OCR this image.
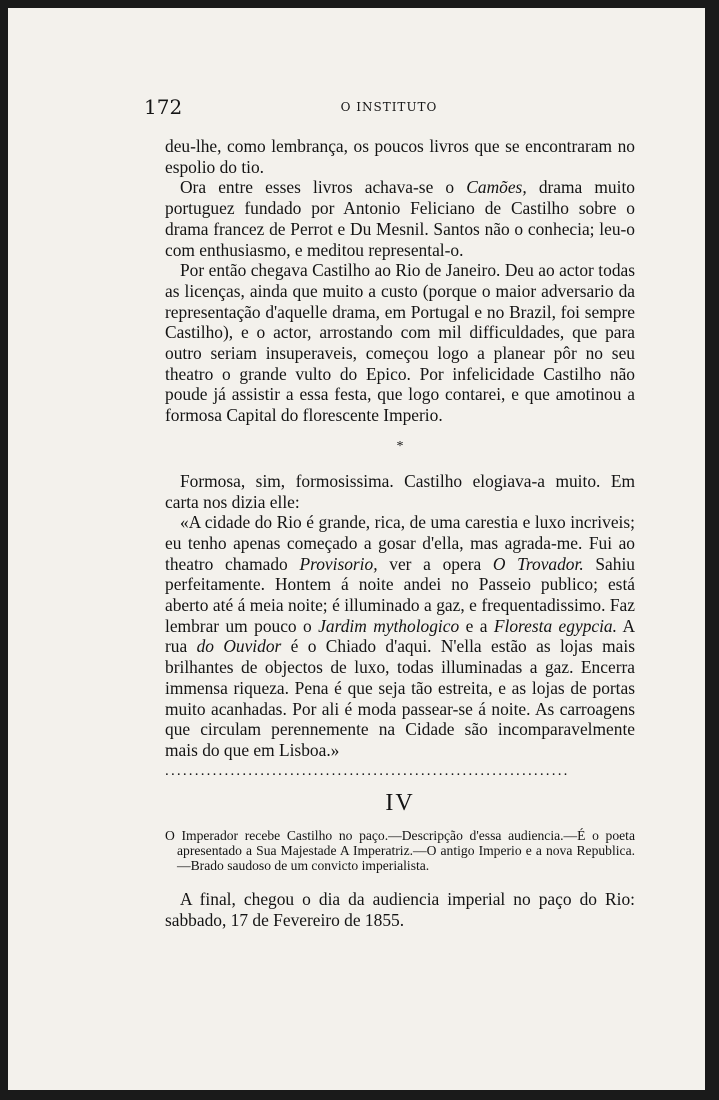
172	O INSTITUTO

deu-lhe, como lembrança, os poucos livros que se encontraram no espolio do tio.

Ora entre esses livros achava-se o Camões, drama muito portuguez fundado por Antonio Feliciano de Castilho sobre o drama francez de Perrot e Du Mesnil. Santos não o conhecia; leu-o com enthusiasmo, e meditou represental-o.

Por então chegava Castilho ao Rio de Janeiro. Deu ao actor todas as licenças, ainda que muito a custo (porque o maior adversario da representação d'aquelle drama, em Portugal e no Brazil, foi sempre Castilho), e o actor, arrostando com mil difficuldades, que para outro seriam insuperaveis, começou logo a planear pôr no seu theatro o grande vulto do Epico. Por infelicidade Castilho não poude já assistir a essa festa, que logo contarei, e que amotinou a formosa Capital do florescente Imperio.

*

Formosa, sim, formosissima. Castilho elogiava-a muito. Em carta nos dizia elle:

«A cidade do Rio é grande, rica, de uma carestia e luxo incriveis; eu tenho apenas começado a gosar d'ella, mas agrada-me. Fui ao theatro chamado Provisorio, ver a opera O Trovador. Sahiu perfeitamente. Hontem á noite andei no Passeio publico; está aberto até á meia noite; é illuminado a gaz, e frequentadissimo. Faz lembrar um pouco o Jardim mythologico e a Floresta egypcia. A rua do Ouvidor é o Chiado d'aqui. N'ella estão as lojas mais brilhantes de objectos de luxo, todas illuminadas a gaz. Encerra immensa riqueza. Pena é que seja tão estreita, e as lojas de portas muito acanhadas. Por ali é moda passear-se á noite. As carroagens que circulam perennemente na Cidade são incomparavelmente mais do que em Lisboa.»

....................................................................
IV

O Imperador recebe Castilho no paço.—Descripção d'essa audiencia.—É o poeta apresentado a Sua Majestade A Imperatriz.—O antigo Imperio e a nova Republica.—Brado saudoso de um convicto imperialista.

A final, chegou o dia da audiencia imperial no paço do Rio: sabbado, 17 de Fevereiro de 1855.
